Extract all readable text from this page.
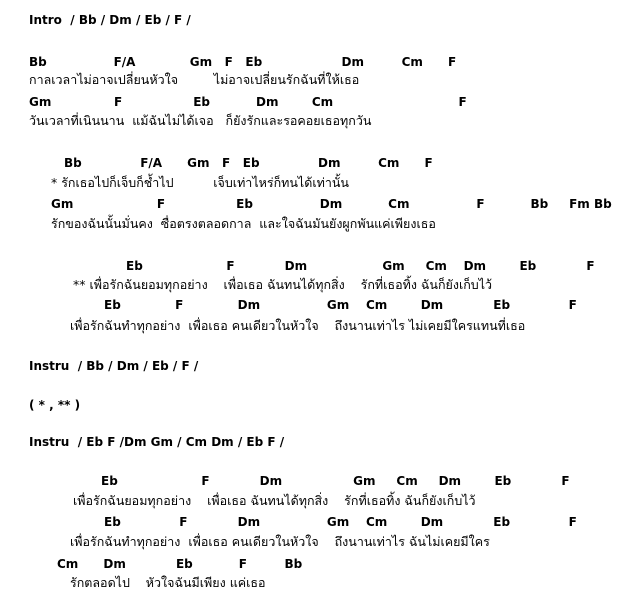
Intro  / Bb / Dm / Eb / F /
Bb                F/A             Gm   F   Eb                   Dm         Cm      F
กาลเวลาไม่อาจเปลี่ยนหัวใจ         ไม่อาจเปลี่ยนรักฉันที่ให้เธอ
Gm               F                 Eb           Dm        Cm                              F
วันเวลาที่เนินนาน  แม้ฉันไม่ได้เจอ   ก็ยังรักและรอคอยเธอทุกวัน
Bb              F/A      Gm   F   Eb              Dm         Cm      F
* รักเธอไปก็เจ็บก็ช้ำไป          เจ็บเท่าไหร่ก็ทนได้เท่านั้น
Gm                    F                 Eb                Dm           Cm                F           Bb     Fm Bb
รักของฉันนั้นมั่นคง  ซื่อตรงตลอดกาล  และใจฉันมันยังผูกพันแค่เพียงเธอ
Eb                    F            Dm                  Gm     Cm    Dm        Eb            F
** เพื่อรักฉันยอมทุกอย่าง    เพื่อเธอ ฉันทนได้ทุกสิ่ง    รักที่เธอทิ้ง ฉันก็ยังเก็บไว้
Eb             F             Dm                Gm    Cm        Dm            Eb              F
เพื่อรักฉันทำทุกอย่าง  เพื่อเธอ คนเดียวในหัวใจ    ถึงนานเท่าไร ไม่เคยมีใครแทนที่เธอ
Instru  / Bb / Dm / Eb / F /
( * , ** )
Instru  / Eb F /Dm Gm / Cm Dm / Eb F /
Eb                    F            Dm                 Gm     Cm     Dm        Eb            F
เพื่อรักฉันยอมทุกอย่าง    เพื่อเธอ ฉันทนได้ทุกสิ่ง    รักที่เธอทิ้ง ฉันก็ยังเก็บไว้
Eb              F            Dm                Gm    Cm        Dm            Eb              F
เพื่อรักฉันทำทุกอย่าง  เพื่อเธอ คนเดียวในหัวใจ    ถึงนานเท่าไร ฉันไม่เคยมีใคร
Cm      Dm            Eb           F         Bb
รักตลอดไป    หัวใจฉันมีเพียง แค่เธอ
